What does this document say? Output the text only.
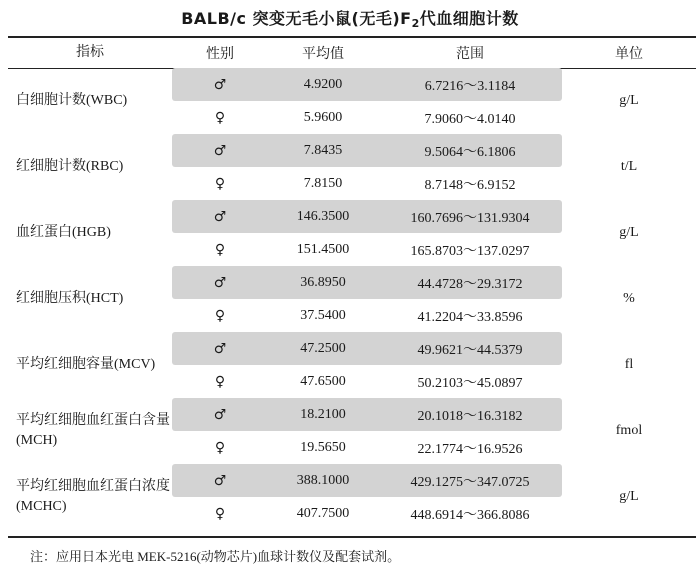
BALB/c 突变无毛小鼠(无毛)$F_2$代血细胞计数
指标	性别	平均值	范围	单位
白细胞计数(WBC)	♂	4.9200	6.7216～3.1184	g/L
	♀	5.9600	7.9060～4.0140	
红细胞计数(RBC)	♂	7.8435	9.5064～6.1806	t/L
	♀	7.8150	8.7148～6.9152	
血红蛋白(HGB)	♂	146.3500	160.7696～131.9304	g/L
	♀	151.4500	165.8703～137.0297	
红细胞压积(HCT)	♂	36.8950	44.4728～29.3172	%
	♀	37.5400	41.2204～33.8596	
平均红细胞容量(MCV)	♂	47.2500	49.9621～44.5379	fl
	♀	47.6500	50.2103～45.0897	
平均红细胞血红蛋白含量(MCH)	♂	18.2100	20.1018～16.3182	fmol
	♀	19.5650	22.1774～16.9526	
平均红细胞血红蛋白浓度(MCHC)	♂	388.1000	429.1275～347.0725	g/L
	♀	407.7500	448.6914～366.8086	
注：应用日本光电 MEK-5216(动物芯片)血球计数仪及配套试剂。
